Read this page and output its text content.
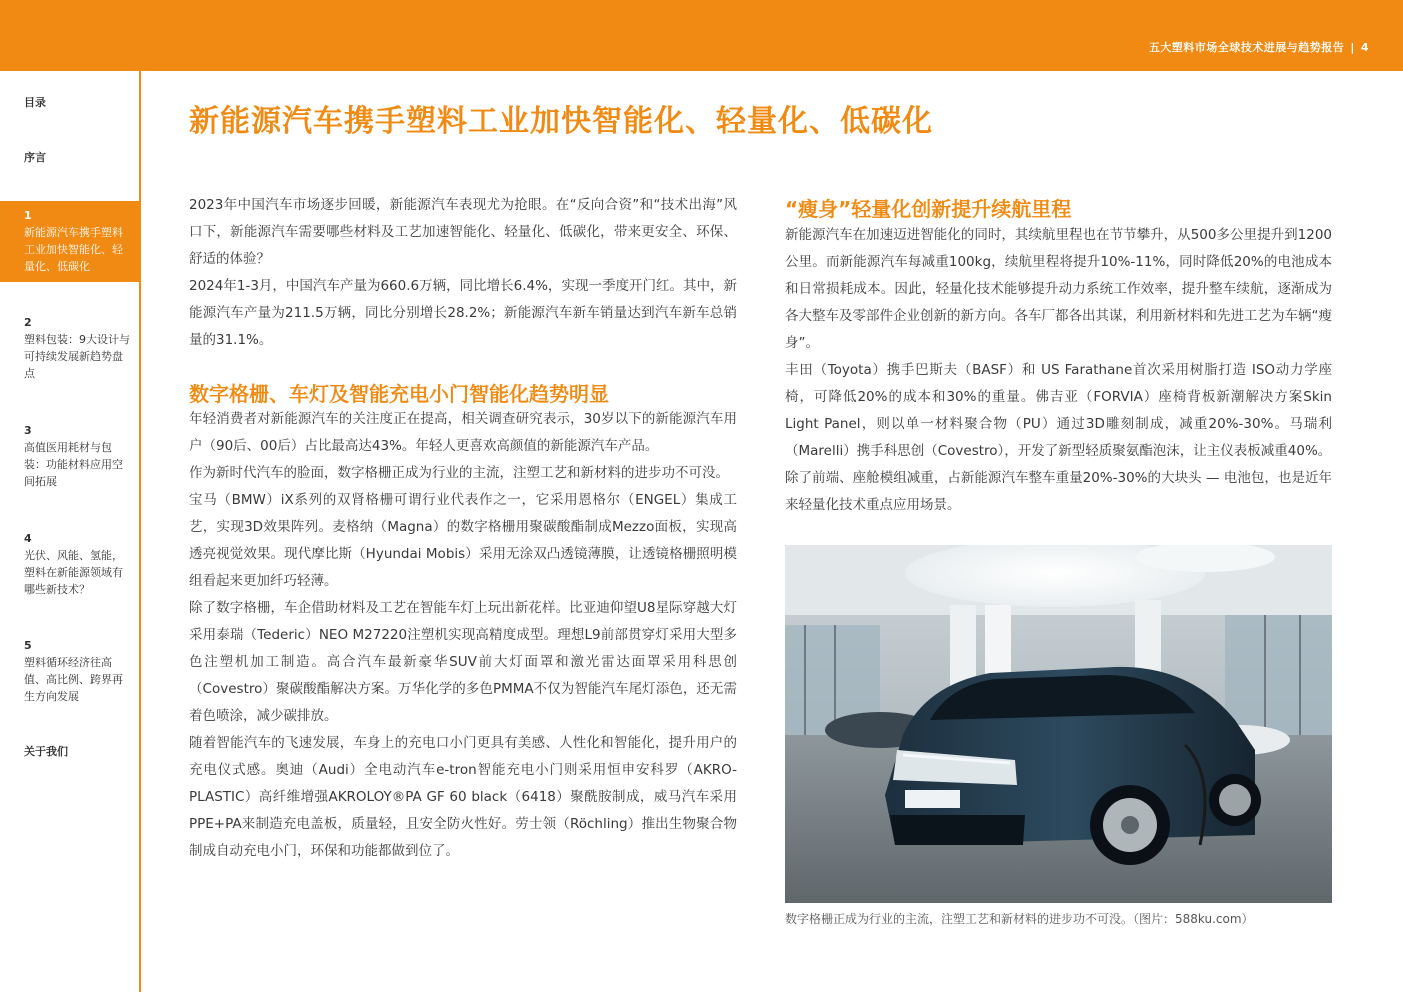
五大塑料市场全球技术进展与趋势报告 | 4
目录
序言
1
新能源汽车携手塑料工业加快智能化、轻量化、低碳化
2
塑料包装：9大设计与可持续发展新趋势盘点
3
高值医用耗材与包装：功能材料应用空间拓展
4
光伏、风能、氢能，塑料在新能源领域有哪些新技术？
5
塑料循环经济往高值、高比例、跨界再生方向发展
关于我们
新能源汽车携手塑料工业加快智能化、轻量化、低碳化

2023年中国汽车市场逐步回暖，新能源汽车表现尤为抢眼。在“反向合资”和“技术出海”风口下，新能源汽车需要哪些材料及工艺加速智能化、轻量化、低碳化，带来更安全、环保、舒适的体验？

2024年1-3月，中国汽车产量为660.6万辆，同比增长6.4%，实现一季度开门红。其中，新能源汽车产量为211.5万辆，同比分别增长28.2%；新能源汽车新车销量达到汽车新车总销量的31.1%。

数字格栅、车灯及智能充电小门智能化趋势明显

年轻消费者对新能源汽车的关注度正在提高，相关调查研究表示，30岁以下的新能源汽车用户（90后、00后）占比最高达43%。年轻人更喜欢高颜值的新能源汽车产品。

作为新时代汽车的脸面，数字格栅正成为行业的主流，注塑工艺和新材料的进步功不可没。

宝马（BMW）iX系列的双肾格栅可谓行业代表作之一，它采用恩格尔（ENGEL）集成工艺，实现3D效果阵列。麦格纳（Magna）的数字格栅用聚碳酸酯制成Mezzo面板，实现高透亮视觉效果。现代摩比斯（Hyundai Mobis）采用无涂双凸透镜薄膜，让透镜格栅照明模组看起来更加纤巧轻薄。

除了数字格栅，车企借助材料及工艺在智能车灯上玩出新花样。比亚迪仰望U8星际穿越大灯采用泰瑞（Tederic）NEO M27220注塑机实现高精度成型。理想L9前部贯穿灯采用大型多色注塑机加工制造。高合汽车最新豪华SUV前大灯面罩和激光雷达面罩采用科思创（Covestro）聚碳酸酯解决方案。万华化学的多色PMMA不仅为智能汽车尾灯添色，还无需着色喷涂，减少碳排放。

随着智能汽车的飞速发展，车身上的充电口小门更具有美感、人性化和智能化，提升用户的充电仪式感。奥迪（Audi）全电动汽车e-tron智能充电小门则采用恒申安科罗（AKRO-PLASTIC）高纤维增强AKROLOY®PA GF 60 black（6418）聚酰胺制成，威马汽车采用PPE+PA来制造充电盖板，质量轻，且安全防火性好。劳士领（Röchling）推出生物聚合物制成自动充电小门，环保和功能都做到位了。

“瘦身”轻量化创新提升续航里程

新能源汽车在加速迈进智能化的同时，其续航里程也在节节攀升，从500多公里提升到1200公里。而新能源汽车每减重100kg，续航里程将提升10%-11%，同时降低20%的电池成本和日常损耗成本。因此，轻量化技术能够提升动力系统工作效率，提升整车续航，逐渐成为各大整车及零部件企业创新的新方向。各车厂都各出其谋，利用新材料和先进工艺为车辆“瘦身”。

丰田（Toyota）携手巴斯夫（BASF）和 US Farathane首次采用树脂打造 ISO动力学座椅，可降低20%的成本和30%的重量。佛吉亚（FORVIA）座椅背板新潮解决方案Skin Light Panel，则以单一材料聚合物（PU）通过3D雕刻制成，减重20%-30%。马瑞利（Marelli）携手科思创（Covestro），开发了新型轻质聚氨酯泡沫，让主仪表板减重40%。

除了前端、座舱模组减重，占新能源汽车整车重量20%-30%的大块头 — 电池包，也是近年来轻量化技术重点应用场景。

数字格栅正成为行业的主流，注塑工艺和新材料的进步功不可没。（图片：588ku.com）
